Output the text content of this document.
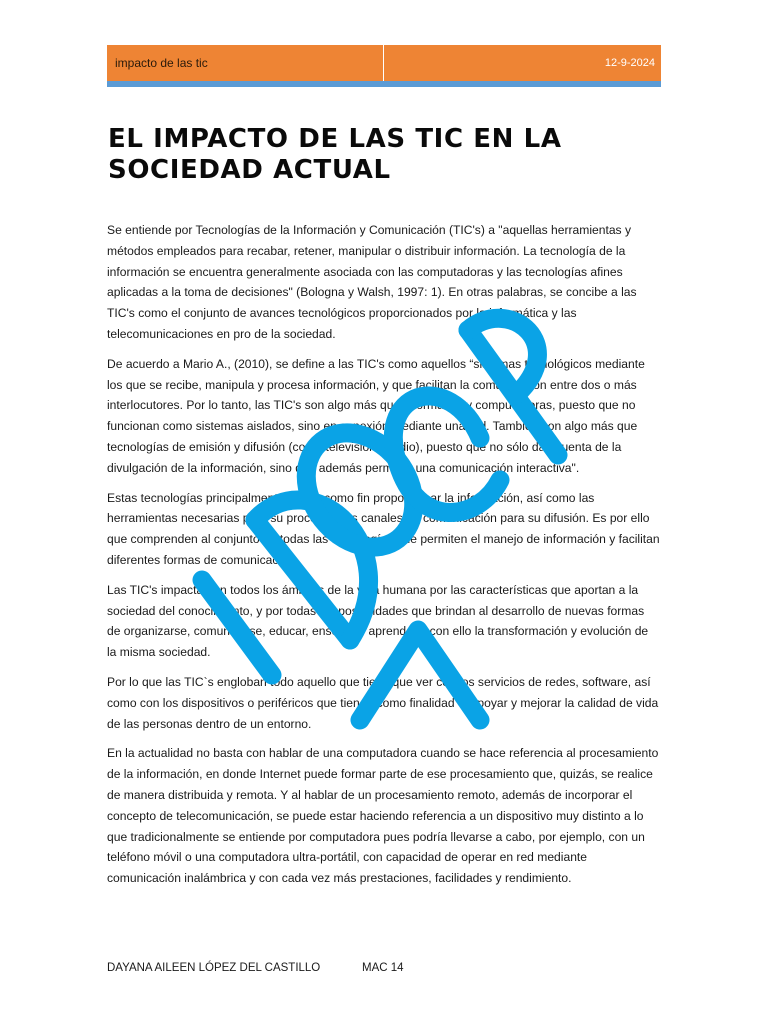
impacto de las tic	12-9-2024
EL IMPACTO DE LAS TIC EN LA SOCIEDAD ACTUAL

Se entiende por Tecnologías de la Información y Comunicación (TIC's) a "aquellas herramientas y métodos empleados para recabar, retener, manipular o distribuir información. La tecnología de la información se encuentra generalmente asociada con las computadoras y las tecnologías afines aplicadas a la toma de decisiones" (Bologna y Walsh, 1997: 1). En otras palabras, se concibe a las TIC's como el conjunto de avances tecnológicos proporcionados por la informática y las telecomunicaciones en pro de la sociedad.

De acuerdo a Mario A., (2010), se define a las TIC's como aquellos “sistemas tecnológicos mediante los que se recibe, manipula y procesa información, y que facilitan la comunicación entre dos o más interlocutores. Por lo tanto, las TIC's son algo más que informática y computadoras, puesto que no funcionan como sistemas aislados, sino en conexión mediante una red. También son algo más que tecnologías de emisión y difusión (como televisión y radio), puesto que no sólo dan cuenta de la divulgación de la información, sino que además permiten una comunicación interactiva".

Estas tecnologías principalmente tienen como fin proporcionar la información, así como las herramientas necesarias para su proceso y los canales de comunicación para su difusión. Es por ello que comprenden al conjunto de todas las tecnologías que permiten el manejo de información y facilitan diferentes formas de comunicación.

Las TIC's impactan en todos los ámbitos de la vida humana por las características que aportan a la sociedad del conocimiento, y por todas las posibilidades que brindan al desarrollo de nuevas formas de organizarse, comunicarse, educar, enseñar y aprender y con ello la transformación y evolución de la misma sociedad.

Por lo que las TIC`s engloban todo aquello que tiene que ver con los servicios de redes, software, así como con los dispositivos o periféricos que tienen como finalidad el apoyar y mejorar la calidad de vida de las personas dentro de un entorno.

En la actualidad no basta con hablar de una computadora cuando se hace referencia al procesamiento de la información, en donde Internet puede formar parte de ese procesamiento que, quizás, se realice de manera distribuida y remota. Y al hablar de un procesamiento remoto, además de incorporar el concepto de telecomunicación, se puede estar haciendo referencia a un dispositivo muy distinto a lo que tradicionalmente se entiende por computadora pues podría llevarse a cabo, por ejemplo, con un teléfono móvil o una computadora ultra-portátil, con capacidad de operar en red mediante comunicación inalámbrica y con cada vez más prestaciones, facilidades y rendimiento.

DAYANA AILEEN LÓPEZ DEL CASTILLO	MAC 14
